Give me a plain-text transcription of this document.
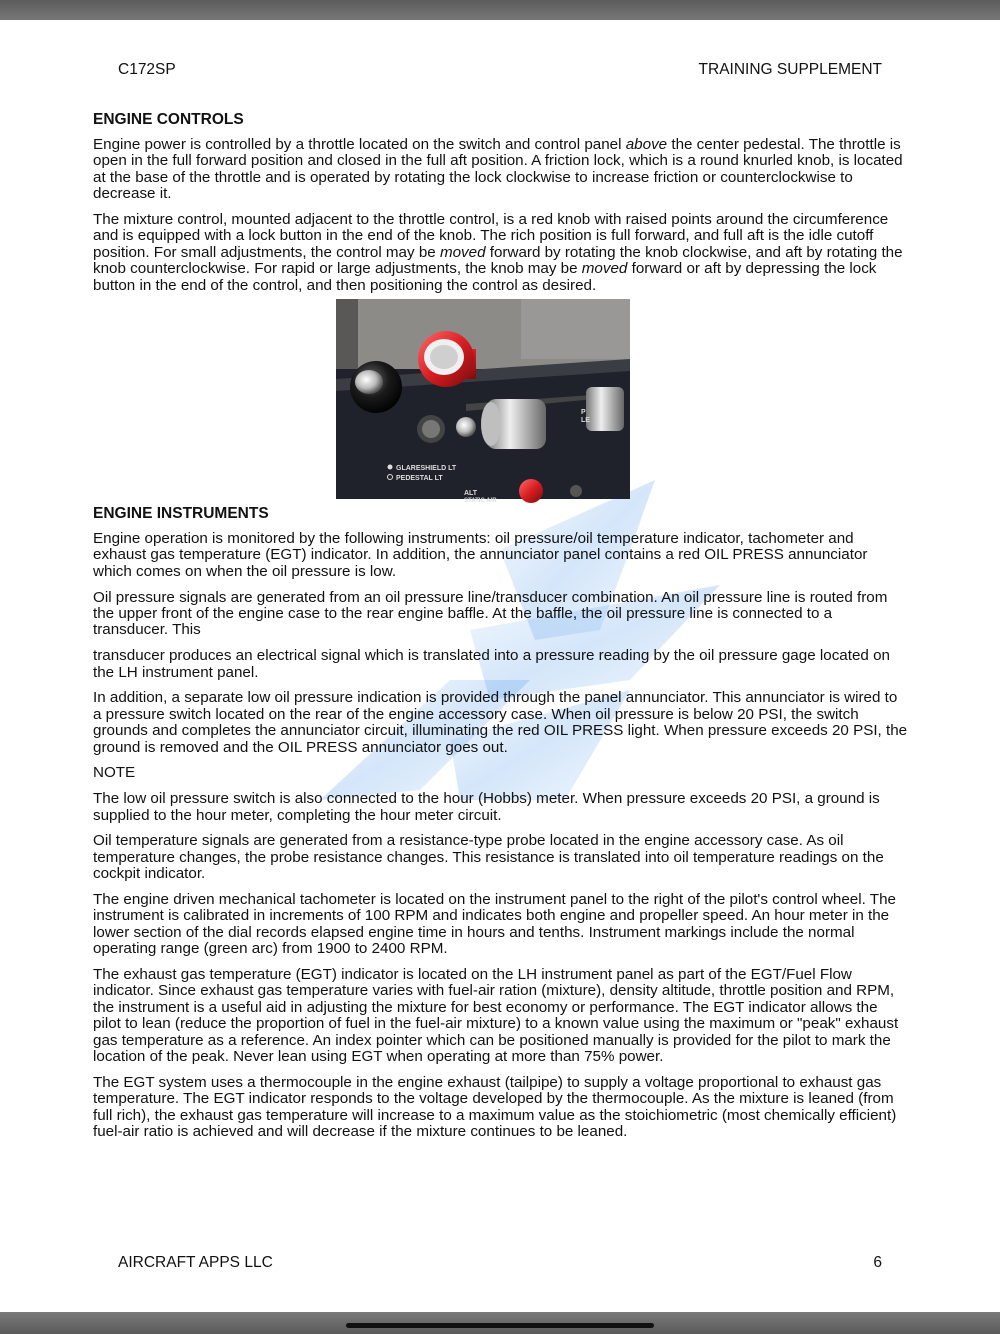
C172SP	TRAINING SUPPLEMENT
ENGINE CONTROLS

Engine power is controlled by a throttle located on the switch and control panel above the center pedestal. The throttle is open in the full forward position and closed in the full aft position. A friction lock, which is a round knurled knob, is located at the base of the throttle and is operated by rotating the lock clockwise to increase friction or counterclockwise to decrease it.

The mixture control, mounted adjacent to the throttle control, is a red knob with raised points around the circumference and is equipped with a lock button in the end of the knob. The rich position is full forward, and full aft is the idle cutoff position. For small adjustments, the control may be moved forward by rotating the knob clockwise, and aft by rotating the knob counterclockwise. For rapid or large adjustments, the knob may be moved forward or aft by depressing the lock button in the end of the control, and then positioning the control as desired.

GLARESHIELD LT
PEDESTAL LT
ALT
STATIC AIR
P
LE
ENGINE INSTRUMENTS

Engine operation is monitored by the following instruments: oil pressure/oil temperature indicator, tachometer and exhaust gas temperature (EGT) indicator. In addition, the annunciator panel contains a red OIL PRESS annunciator which comes on when the oil pressure is low.

Oil pressure signals are generated from an oil pressure line/transducer combination. An oil pressure line is routed from the upper front of the engine case to the rear engine baffle. At the baffle, the oil pressure line is connected to a transducer. This

transducer produces an electrical signal which is translated into a pressure reading by the oil pressure gage located on the LH instrument panel.

In addition, a separate low oil pressure indication is provided through the panel annunciator. This annunciator is wired to a pressure switch located on the rear of the engine accessory case. When oil pressure is below 20 PSI, the switch grounds and completes the annunciator circuit, illuminating the red OIL PRESS light. When pressure exceeds 20 PSI, the ground is removed and the OIL PRESS annunciator goes out.

NOTE

The low oil pressure switch is also connected to the hour (Hobbs) meter. When pressure exceeds 20 PSI, a ground is supplied to the hour meter, completing the hour meter circuit.

Oil temperature signals are generated from a resistance-type probe located in the engine accessory case. As oil temperature changes, the probe resistance changes. This resistance is translated into oil temperature readings on the cockpit indicator.

The engine driven mechanical tachometer is located on the instrument panel to the right of the pilot's control wheel. The instrument is calibrated in increments of 100 RPM and indicates both engine and propeller speed. An hour meter in the lower section of the dial records elapsed engine time in hours and tenths. Instrument markings include the normal operating range (green arc) from 1900 to 2400 RPM.

The exhaust gas temperature (EGT) indicator is located on the LH instrument panel as part of the EGT/Fuel Flow indicator. Since exhaust gas temperature varies with fuel-air ration (mixture), density altitude, throttle position and RPM, the instrument is a useful aid in adjusting the mixture for best economy or performance. The EGT indicator allows the pilot to lean (reduce the proportion of fuel in the fuel-air mixture) to a known value using the maximum or "peak" exhaust gas temperature as a reference. An index pointer which can be positioned manually is provided for the pilot to mark the location of the peak. Never lean using EGT when operating at more than 75% power.

The EGT system uses a thermocouple in the engine exhaust (tailpipe) to supply a voltage proportional to exhaust gas temperature. The EGT indicator responds to the voltage developed by the thermocouple. As the mixture is leaned (from full rich), the exhaust gas temperature will increase to a maximum value as the stoichiometric (most chemically efficient) fuel-air ratio is achieved and will decrease if the mixture continues to be leaned.

AIRCRAFT APPS LLC	6
